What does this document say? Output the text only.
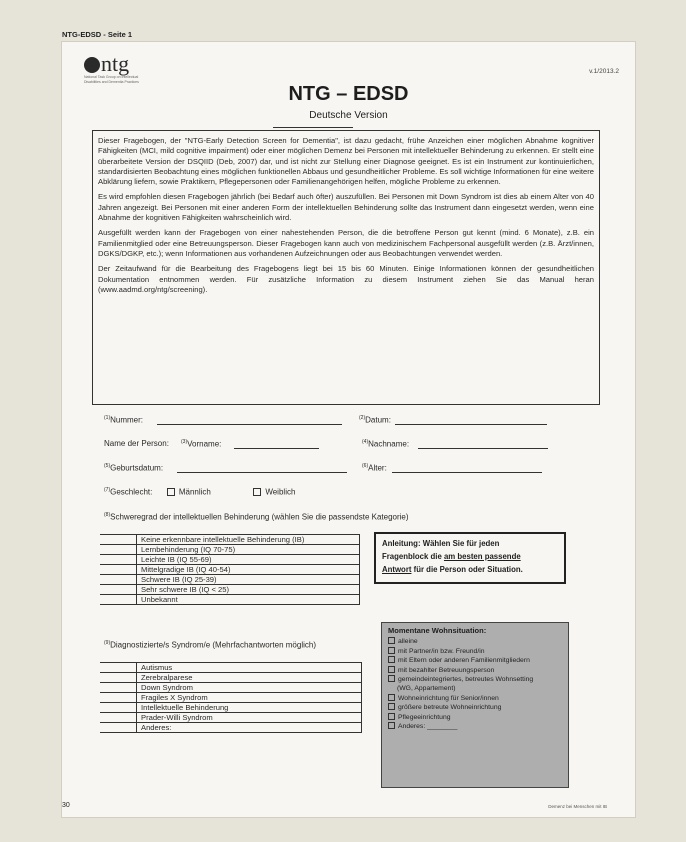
NTG-EDSD - Seite 1
ntg
National Task Group on Intellectual Disabilities and Dementia Practices
v.1/2013.2
NTG – EDSD
Deutsche Version

Dieser Fragebogen, der "NTG-Early Detection Screen for Dementia", ist dazu gedacht, frühe Anzeichen einer möglichen Abnahme kognitiver Fähigkeiten (MCI, mild cognitive impairment) oder einer möglichen Demenz bei Personen mit intellektueller Behinderung zu erkennen. Er stellt eine überarbeitete Version der DSQIID (Deb, 2007) dar, und ist nicht zur Stellung einer Diagnose geeignet. Es ist ein Instrument zur kontinuierlichen, standardisierten Beobachtung eines möglichen funktionellen Abbaus und gesundheitlicher Probleme. Es soll wichtige Informationen für eine weitere Abklärung liefern, sowie Praktikern, Pflegepersonen oder Familienangehörigen helfen, mögliche Probleme zu erkennen.

Es wird empfohlen diesen Fragebogen jährlich (bei Bedarf auch öfter) auszufüllen. Bei Personen mit Down Syndrom ist dies ab einem Alter von 40 Jahren angezeigt. Bei Personen mit einer anderen Form der intellektuellen Behinderung sollte das Instrument dann eingesetzt werden, wenn eine Abnahme der kognitiven Fähigkeiten wahrscheinlich wird.

Ausgefüllt werden kann der Fragebogen von einer nahestehenden Person, die die betroffene Person gut kennt (mind. 6 Monate), z.B. ein Familienmitglied oder eine Betreuungsperson. Dieser Fragebogen kann auch von medizinischem Fachpersonal ausgefüllt werden (z.B. Ärzt/innen, DGKS/DGKP, etc.); wenn Informationen aus vorhandenen Aufzeichnungen oder aus Beobachtungen verwendet werden.

Der Zeitaufwand für die Bearbeitung des Fragebogens liegt bei 15 bis 60 Minuten. Einige Informationen können der gesundheitlichen Dokumentation entnommen werden. Für zusätzliche Information zu diesem Instrument ziehen Sie das Manual heran (www.aadmd.org/ntg/screening).

$^{(1)}$Nummer:	$^{(2)}$Datum:
Name der Person: $^{(3)}$Vorname:	$^{(4)}$Nachname:
$^{(5)}$Geburtsdatum:	$^{(6)}$Alter:
$^{(7)}$Geschlecht:	Männlich	Weiblich
$^{(8)}$Schweregrad der intellektuellen Behinderung (wählen Sie die passendste Kategorie)
	Keine erkennbare intellektuelle Behinderung (IB)
	Lernbehinderung (IQ 70-75)
	Leichte IB (IQ 55-69)
	Mittelgradige IB (IQ 40-54)
	Schwere IB (IQ 25-39)
	Sehr schwere IB (IQ < 25)
	Unbekannt
Anleitung: Wählen Sie für jeden
Fragenblock die am besten passende
Antwort für die Person oder Situation.
$^{(9)}$Diagnostizierte/s Syndrom/e (Mehrfachantworten möglich)
	Autismus
	Zerebralparese
	Down Syndrom
	Fragiles X Syndrom
	Intellektuelle Behinderung
	Prader-Willi Syndrom
	Anderes:
Momentane Wohnsituation:
alleine
mit Partner/in bzw. Freund/in
mit Eltern oder anderen Familienmitgliedern
mit bezahlter Betreuungsperson
gemeindeintegriertes, betreutes Wohnsetting
(WG, Appartement)
Wohneinrichtung für Senior/innen
größere betreute Wohneinrichtung
Pflegeeinrichtung
Anderes: ________
30	Demenz bei Menschen mit IB
